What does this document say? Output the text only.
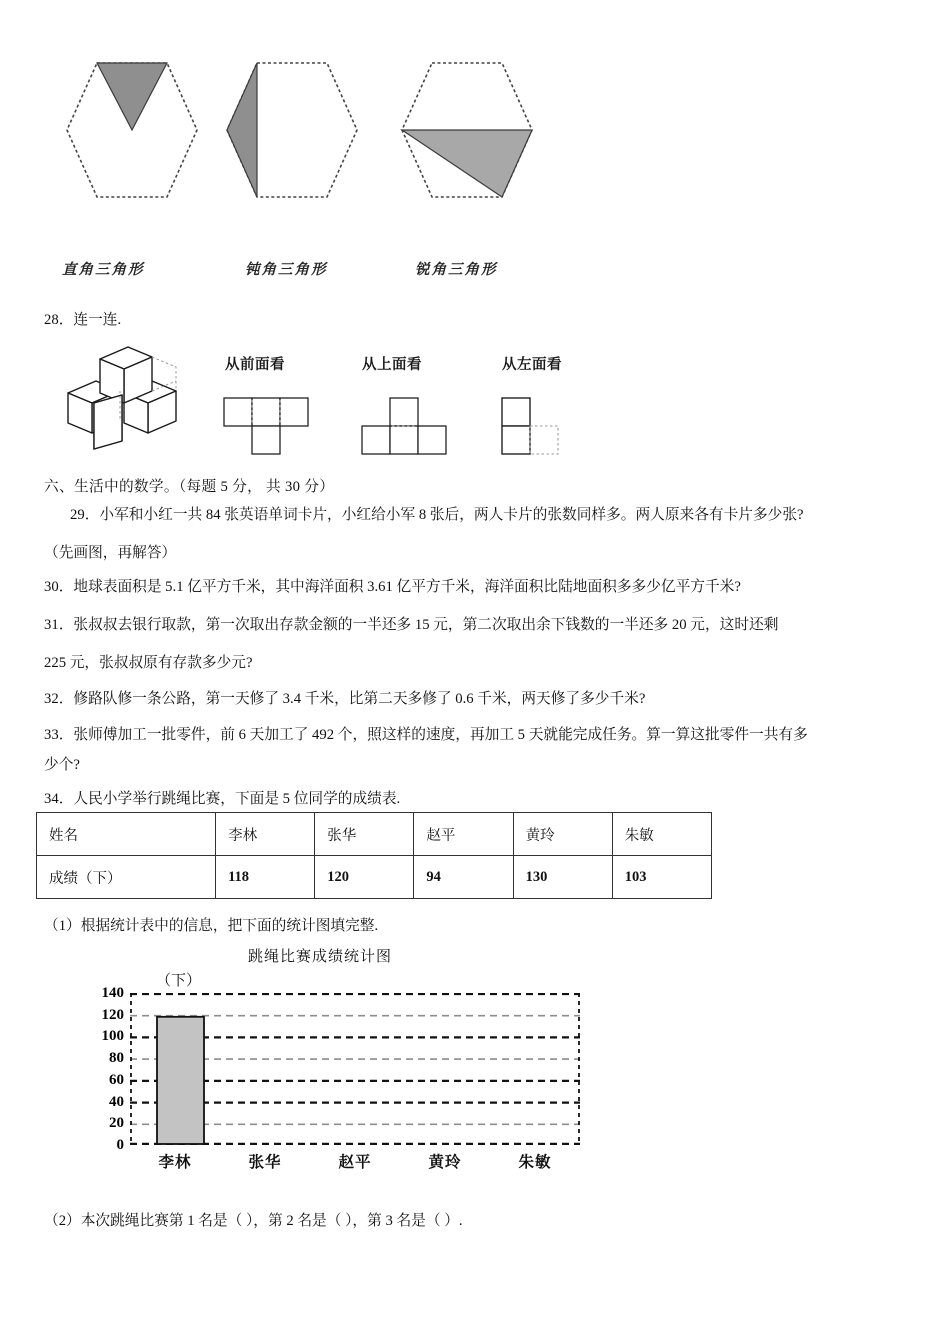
直角三角形	钝角三角形	锐角三角形
28．连一连.
从前面看	从上面看	从左面看
六、生活中的数学。（每题 5 分， 共 30 分）
29．小军和小红一共 84 张英语单词卡片，小红给小军 8 张后，两人卡片的张数同样多。两人原来各有卡片多少张?
（先画图，再解答）
30．地球表面积是 5.1 亿平方千米，其中海洋面积 3.61 亿平方千米，海洋面积比陆地面积多多少亿平方千米?
31．张叔叔去银行取款，第一次取出存款金额的一半还多 15 元，第二次取出余下钱数的一半还多 20 元，这时还剩
225 元，张叔叔原有存款多少元?
32．修路队修一条公路，第一天修了 3.4 千米，比第二天多修了 0.6 千米，两天修了多少千米?
33．张师傅加工一批零件，前 6 天加工了 492 个，照这样的速度，再加工 5 天就能完成任务。算一算这批零件一共有多
少个?
34．人民小学举行跳绳比赛，下面是 5 位同学的成绩表.
姓名	李林	张华	赵平	黄玲	朱敏
成绩（下）	118	120	94	130	103
（1）根据统计表中的信息，把下面的统计图填完整.
跳绳比赛成绩统计图
（下）
140
120
100
80
60
40
20
0
李林	张华	赵平	黄玲	朱敏
（2）本次跳绳比赛第 1 名是（ ），第 2 名是（ ），第 3 名是（ ）.
